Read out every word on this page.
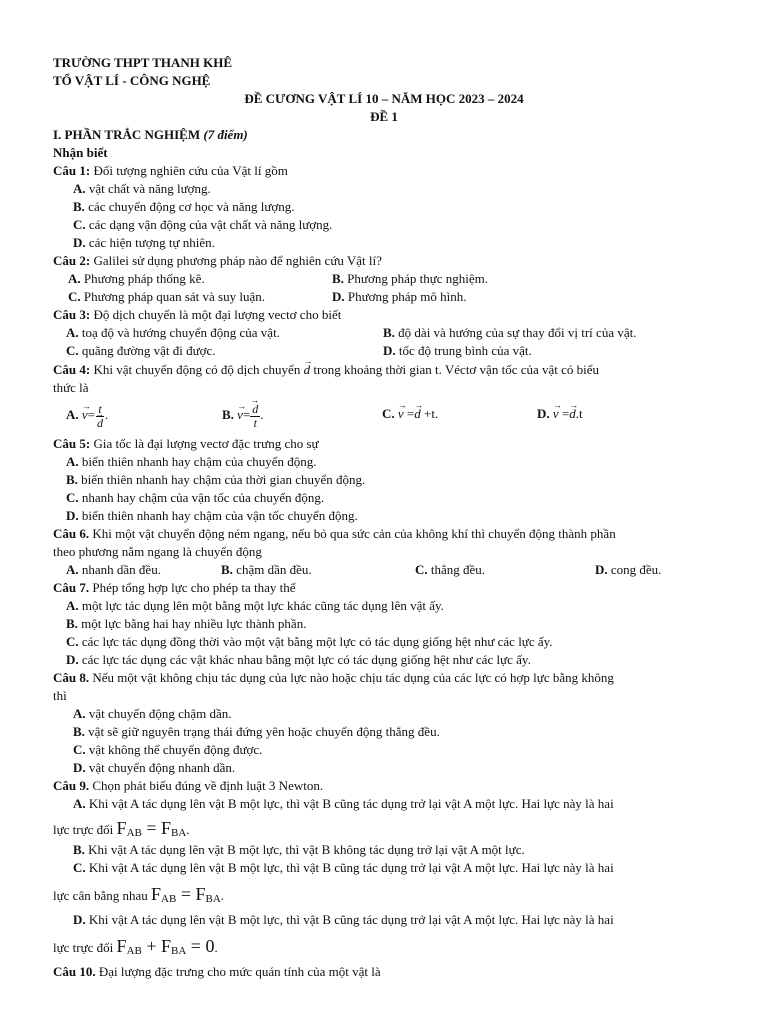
TRƯỜNG THPT THANH KHÊ
TỔ VẬT LÍ - CÔNG NGHỆ
ĐỀ CƯƠNG VẬT LÍ 10 – NĂM HỌC 2023 – 2024
ĐỀ 1
I. PHẦN TRẮC NGHIỆM (7 điểm)
Nhận biết
Câu 1: Đối tượng nghiên cứu của Vật lí gồm
A. vật chất và năng lượng.
B. các chuyển động cơ học và năng lượng.
C. các dạng vận động của vật chất và năng lượng.
D. các hiện tượng tự nhiên.
Câu 2: Galilei sử dụng phương pháp nào để nghiên cứu Vật lí?
A. Phương pháp thống kê.	B. Phương pháp thực nghiệm.
C. Phương pháp quan sát và suy luận.	D. Phương pháp mô hình.
Câu 3: Độ dịch chuyển là một đại lượng vectơ cho biết
A. toạ độ và hướng chuyển động của vật.	B. độ dài và hướng của sự thay đổi vị trí của vật.
C. quãng đường vật đi được.	D. tốc độ trung bình của vật.
Câu 4: Khi vật chuyển động có độ dịch chuyển → d trong khoảng thời gian t. Véctơ vận tốc của vật có biểu
thức là
A. → v= t
→ d .	B. → v=
→ $\frac{d}{t}$ .	C. → v =→ d +t.	D. → v =→ d.t
Câu 5: Gia tốc là đại lượng vectơ đặc trưng cho sự
A. biến thiên nhanh hay chậm của chuyển động.
B. biến thiên nhanh hay chậm của thời gian chuyển động.
C. nhanh hay chậm của vận tốc của chuyển động.
D. biến thiên nhanh hay chậm của vận tốc chuyển động.
Câu 6. Khi một vật chuyển động ném ngang, nếu bỏ qua sức cản của không khí thì chuyển động thành phần
theo phương nằm ngang là chuyển động
A. nhanh dần đều.	B. chậm dần đều.	C. thẳng đều.	D. cong đều.
Câu 7. Phép tổng hợp lực cho phép ta thay thế
A. một lực tác dụng lên một bằng một lực khác cũng tác dụng lên vật ấy.
B. một lực bằng hai hay nhiều lực thành phần.
C. các lực tác dụng đồng thời vào một vật bằng một lực có tác dụng giống hệt như các lực ấy.
D. các lực tác dụng các vật khác nhau bằng một lực có tác dụng giống hệt như các lực ấy.
Câu 8. Nếu một vật không chịu tác dụng của lực nào hoặc chịu tác dụng của các lực có hợp lực bằng không
thì
A. vật chuyển động chậm dần.
B. vật sẽ giữ nguyên trạng thái đứng yên hoặc chuyển động thẳng đều.
C. vật không thể chuyển động được.
D. vật chuyển động nhanh dần.
Câu 9. Chọn phát biểu đúng về định luật 3 Newton.
A. Khi vật A tác dụng lên vật B một lực, thì vật B cũng tác dụng trở lại vật A một lực. Hai lực này là hai
lực trực đối $F_{AB} = F_{BA}$.
B. Khi vật A tác dụng lên vật B một lực, thì vật B không tác dụng trở lại vật A một lực.
C. Khi vật A tác dụng lên vật B một lực, thì vật B cũng tác dụng trở lại vật A một lực. Hai lực này là hai
lực cân bằng nhau $F_{AB} = F_{BA}$.
D. Khi vật A tác dụng lên vật B một lực, thì vật B cũng tác dụng trở lại vật A một lực. Hai lực này là hai
lực trực đối $F_{AB} + F_{BA} = 0$.
Câu 10. Đại lượng đặc trưng cho mức quán tính của một vật là
